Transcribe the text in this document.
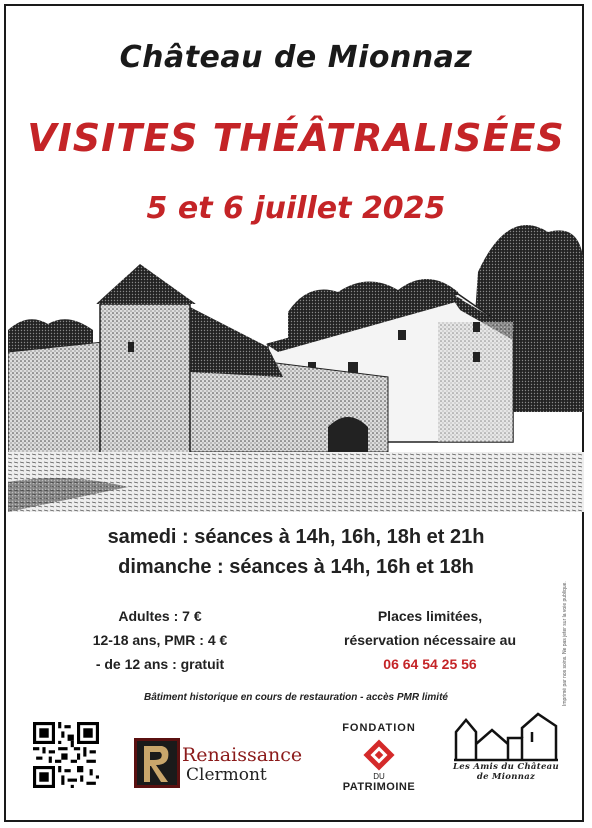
Château de Mionnaz
VISITES THÉÂTRALISÉES
5 et 6 juillet 2025
samedi : séances à 14h, 16h, 18h et 21h
dimanche : séances à 14h, 16h et 18h
Adultes : 7 €
12-18 ans, PMR : 4 €
- de 12 ans : gratuit
Places limitées,
réservation nécessaire au
06 64 54 25 56
Bâtiment historique en cours de restauration - accès PMR limité	Imprimé par nos soins. Ne pas jeter sur la voie publique.
Renaissance
Clermont
FONDATION
DU
PATRIMOINE
Les Amis du Château
de Mionnaz
